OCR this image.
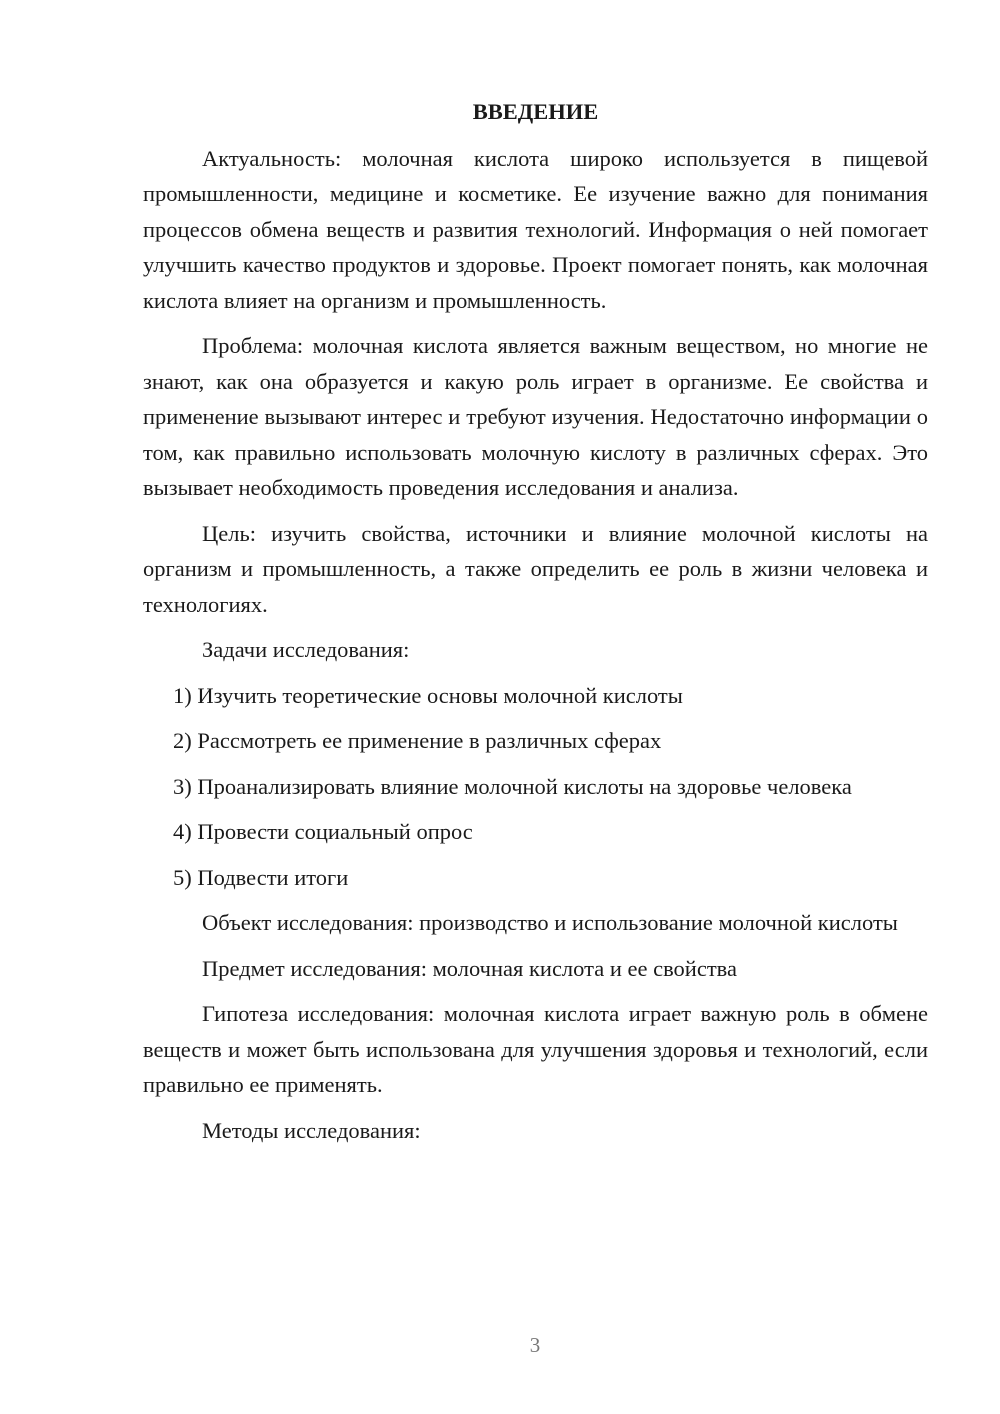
ВВЕДЕНИЕ

Актуальность: молочная кислота широко используется в пищевой промышленности, медицине и косметике. Ее изучение важно для понимания процессов обмена веществ и развития технологий. Информация о ней помогает улучшить качество продуктов и здоровье. Проект помогает понять, как молочная кислота влияет на организм и промышленность.

Проблема: молочная кислота является важным веществом, но многие не знают, как она образуется и какую роль играет в организме. Ее свойства и применение вызывают интерес и требуют изучения. Недостаточно информации о том, как правильно использовать молочную кислоту в различных сферах. Это вызывает необходимость проведения исследования и анализа.

Цель: изучить свойства, источники и влияние молочной кислоты на организм и промышленность, а также определить ее роль в жизни человека и технологиях.

Задачи исследования:

1) Изучить теоретические основы молочной кислоты

2) Рассмотреть ее применение в различных сферах

3) Проанализировать влияние молочной кислоты на здоровье человека

4) Провести социальный опрос

5) Подвести итоги

Объект исследования: производство и использование молочной кислоты

Предмет исследования: молочная кислота и ее свойства

Гипотеза исследования: молочная кислота играет важную роль в обмене веществ и может быть использована для улучшения здоровья и технологий, если правильно ее применять.

Методы исследования:

3
